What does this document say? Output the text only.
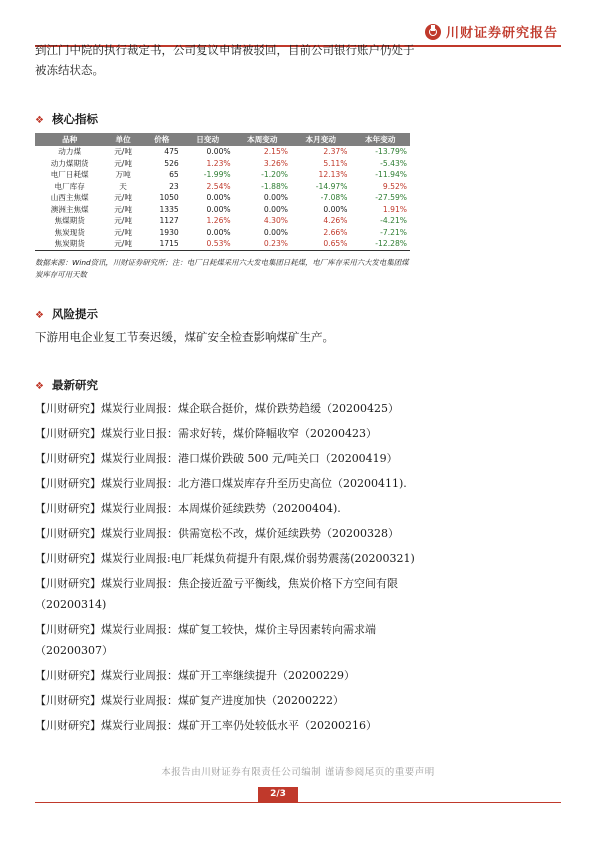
川财证券研究报告
到江门中院的执行裁定书，公司复议申请被驳回，目前公司银行账户仍处于被冻结状态。
❖ 核心指标
品种	单位	价格	日变动	本周变动	本月变动	本年变动
动力煤	元/吨	475	0.00%	2.15%	2.37%	-13.79%
动力煤期货	元/吨	526	1.23%	3.26%	5.11%	-5.43%
电厂日耗煤	万吨	65	-1.99%	-1.20%	12.13%	-11.94%
电厂库存	天	23	2.54%	-1.88%	-14.97%	9.52%
山西主焦煤	元/吨	1050	0.00%	0.00%	-7.08%	-27.59%
澳洲主焦煤	元/吨	1335	0.00%	0.00%	0.00%	1.91%
焦煤期货	元/吨	1127	1.26%	4.30%	4.26%	-4.21%
焦炭现货	元/吨	1930	0.00%	0.00%	2.66%	-7.21%
焦炭期货	元/吨	1715	0.53%	0.23%	0.65%	-12.28%
数据来源：Wind资讯，川财证券研究所；注：电厂日耗煤采用六大发电集团日耗煤，电厂库存采用六大发电集团煤炭库存可用天数
❖ 风险提示
下游用电企业复工节奏迟缓，煤矿安全检查影响煤矿生产。
❖ 最新研究
【川财研究】煤炭行业周报：煤企联合挺价，煤价跌势趋缓（20200425）
【川财研究】煤炭行业日报：需求好转，煤价降幅收窄（20200423）
【川财研究】煤炭行业周报：港口煤价跌破 500 元/吨关口（20200419）
【川财研究】煤炭行业周报：北方港口煤炭库存升至历史高位（20200411).
【川财研究】煤炭行业周报：本周煤价延续跌势（20200404).
【川财研究】煤炭行业周报：供需宽松不改，煤价延续跌势（20200328）
【川财研究】煤炭行业周报:电厂耗煤负荷提升有限,煤价弱势震荡(20200321)
【川财研究】煤炭行业周报：焦企接近盈亏平衡线，焦炭价格下方空间有限（20200314)
【川财研究】煤炭行业周报：煤矿复工较快，煤价主导因素转向需求端（20200307）
【川财研究】煤炭行业周报：煤矿开工率继续提升（20200229）
【川财研究】煤炭行业周报：煤矿复产进度加快（20200222）
【川财研究】煤炭行业周报：煤矿开工率仍处较低水平（20200216）
本报告由川财证券有限责任公司编制 谨请参阅尾页的重要声明
2/3
